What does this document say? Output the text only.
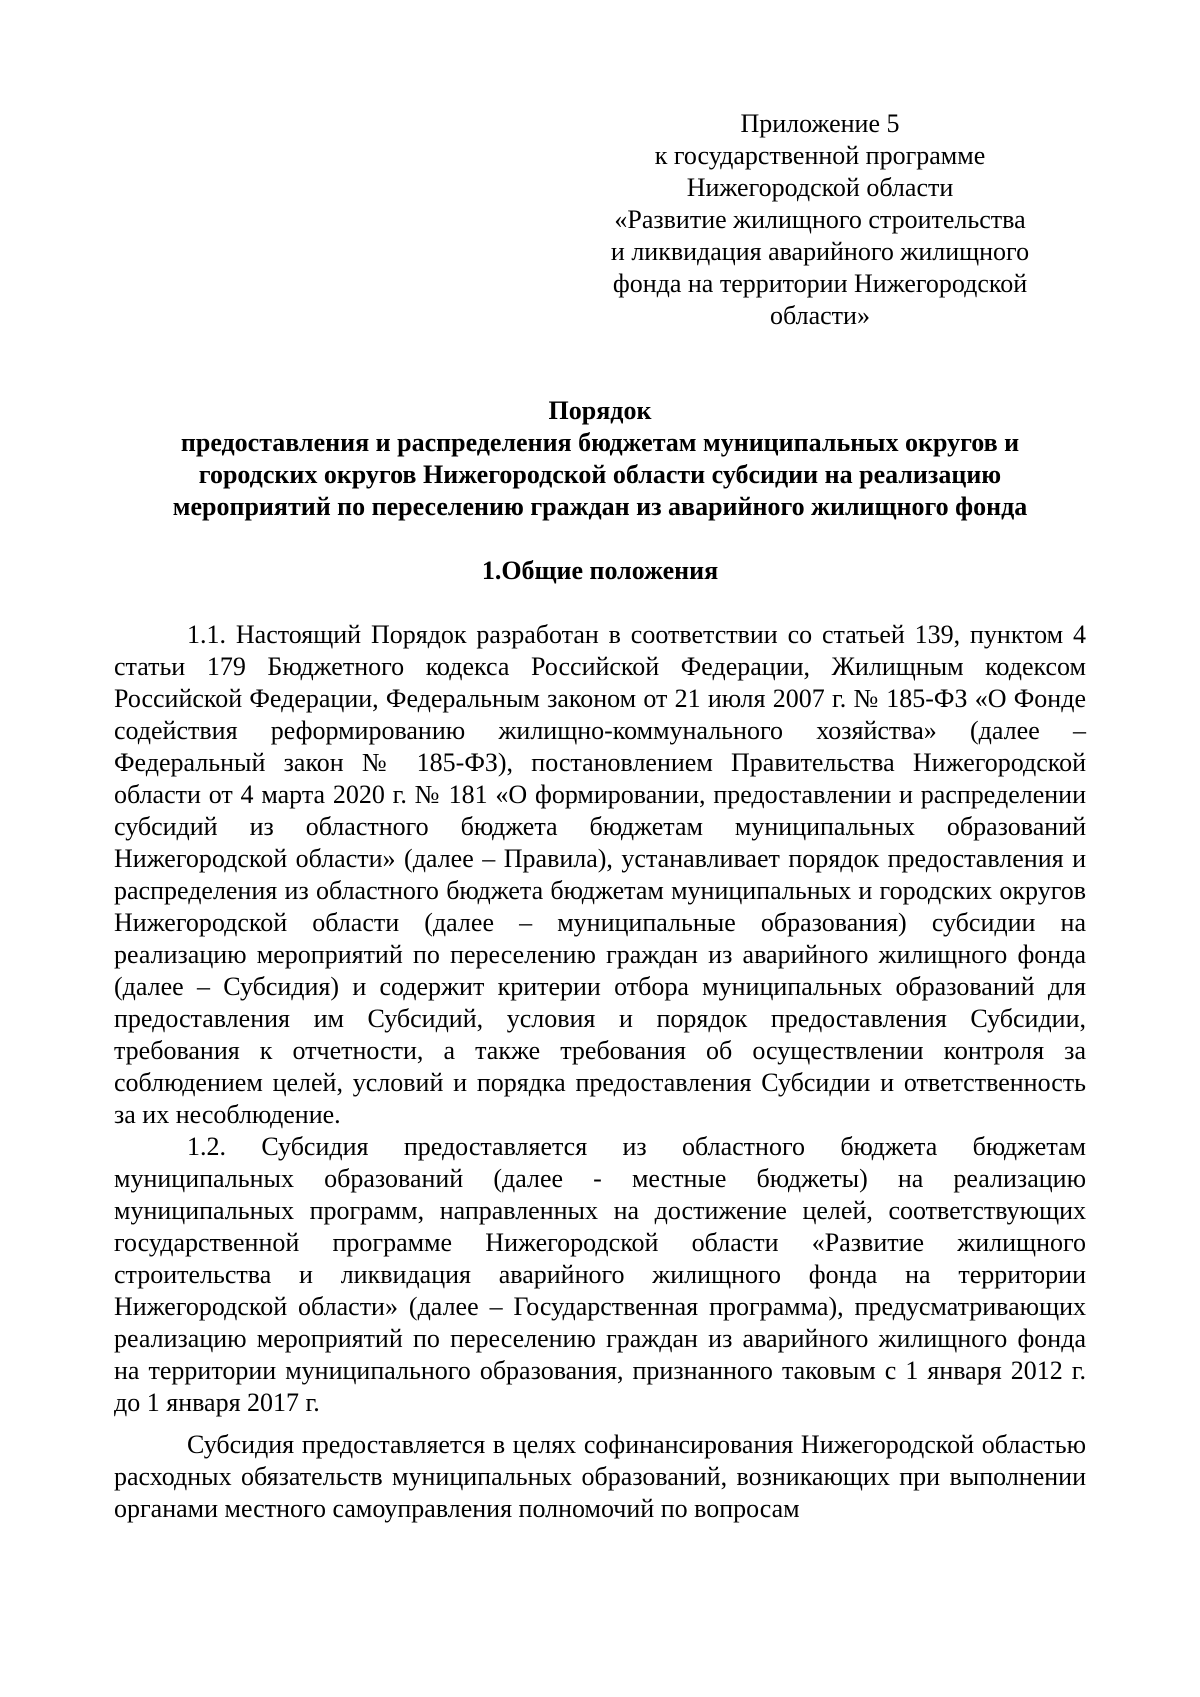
Приложение 5
к государственной программе
Нижегородской области
«Развитие жилищного строительства
и ликвидация аварийного жилищного
фонда на территории Нижегородской
области»
Порядок
предоставления и распределения бюджетам муниципальных округов и
городских округов Нижегородской области субсидии на реализацию
мероприятий по переселению граждан из аварийного жилищного фонда
1.Общие положения

1.1. Настоящий Порядок разработан в соответствии со статьей 139, пунктом 4 статьи 179 Бюджетного кодекса Российской Федерации, Жилищным кодексом Российской Федерации, Федеральным законом от 21 июля 2007 г. № 185-ФЗ «О Фонде содействия реформированию жилищно-коммунального хозяйства» (далее – Федеральный закон № 185-ФЗ), постановлением Правительства Нижегородской области от 4 марта 2020 г. № 181 «О формировании, предоставлении и распределении субсидий из областного бюджета бюджетам муниципальных образований Нижегородской области» (далее – Правила), устанавливает порядок предоставления и распределения из областного бюджета бюджетам муниципальных и городских округов Нижегородской области (далее – муниципальные образования) субсидии на реализацию мероприятий по переселению граждан из аварийного жилищного фонда (далее – Субсидия) и содержит критерии отбора муниципальных образований для предоставления им Субсидий, условия и порядок предоставления Субсидии, требования к отчетности, а также требования об осуществлении контроля за соблюдением целей, условий и порядка предоставления Субсидии и ответственность за их несоблюдение.

1.2. Субсидия предоставляется из областного бюджета бюджетам муниципальных образований (далее - местные бюджеты) на реализацию муниципальных программ, направленных на достижение целей, соответствующих государственной программе Нижегородской области «Развитие жилищного строительства и ликвидация аварийного жилищного фонда на территории Нижегородской области» (далее – Государственная программа), предусматривающих реализацию мероприятий по переселению граждан из аварийного жилищного фонда на территории муниципального образования, признанного таковым с 1 января 2012 г. до 1 января 2017 г.

Субсидия предоставляется в целях софинансирования Нижегородской областью расходных обязательств муниципальных образований, возникающих при выполнении органами местного самоуправления полномочий по вопросам
